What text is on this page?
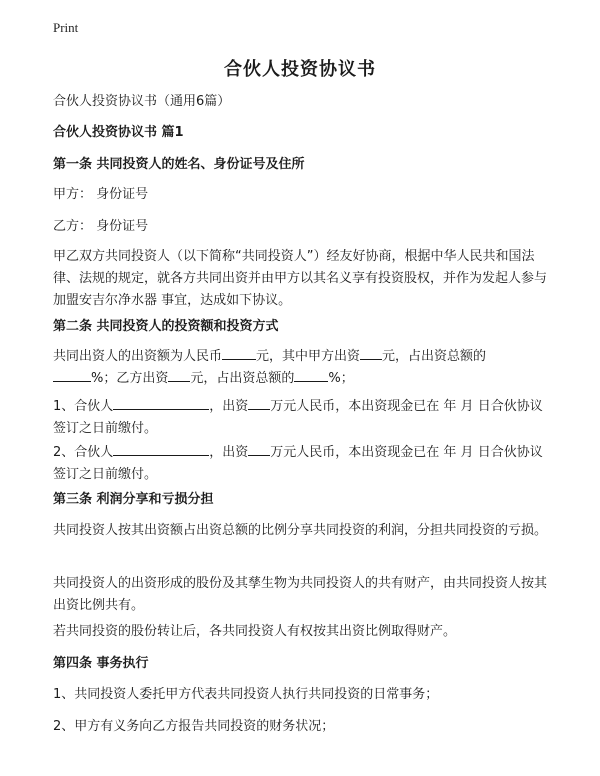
Print
合伙人投资协议书

合伙人投资协议书（通用6篇）

合伙人投资协议书 篇1

第一条 共同投资人的姓名、身份证号及住所

甲方： 身份证号

乙方： 身份证号

甲乙双方共同投资人（以下简称“共同投资人”）经友好协商，根据中华人民共和国法律、法规的规定，就各方共同出资并由甲方以其名义享有投资股权，并作为发起人参与 加盟安吉尔净水器 事宜，达成如下协议。

第二条 共同投资人的投资额和投资方式

共同出资人的出资额为人民币	元，其中甲方出资 元，占出资总额的
%；乙方出资 元，占出资总额的	%；

1、合伙人	，出资 万元人民币，本出资现金已在 年 月 日合伙协议签订之日前缴付。

2、合伙人	，出资 万元人民币，本出资现金已在 年 月 日合伙协议签订之日前缴付。

第三条 利润分享和亏损分担

共同投资人按其出资额占出资总额的比例分享共同投资的利润，分担共同投资的亏损。

共同投资人的出资形成的股份及其孳生物为共同投资人的共有财产，由共同投资人按其出资比例共有。

若共同投资的股份转让后，各共同投资人有权按其出资比例取得财产。

第四条 事务执行

1、共同投资人委托甲方代表共同投资人执行共同投资的日常事务；

2、甲方有义务向乙方报告共同投资的财务状况；
